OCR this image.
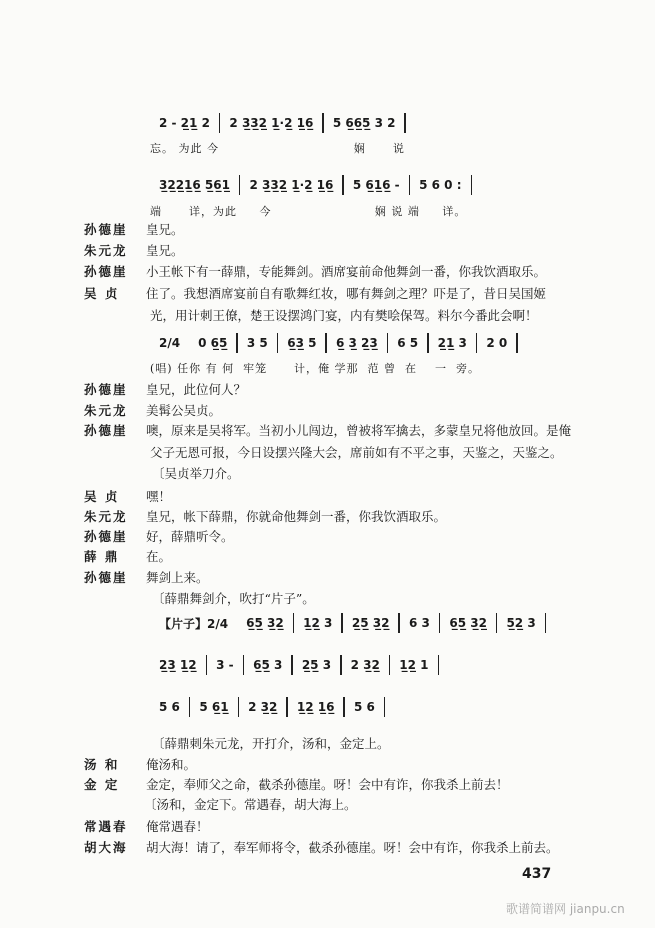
2 - 2̲1̲ 2	2 3̲3̲2̲ 1̲·2̲ 1̲6̲	5 6̲6̲5̲ 3 2
忘。 为此 今                              娴      说
3̲2̲2̲1̲6̲ 5̲6̲1̲	2 3̲3̲2̲ 1̲·2̲ 1̲6̲	5 6̲1̲6̲ -	5 6 0 :
端      详，为此     今                       娴 说 端     详。
孙德崖 皇兄。
朱元龙 皇兄。
孙德崖 小王帐下有一薛鼎，专能舞剑。酒席宴前命他舞剑一番，你我饮酒取乐。
吴 贞 住了。我想酒席宴前自有歌舞红妆，哪有舞剑之理？吓是了，昔日吴国姬
光，用计刺王僚，楚王设摆鸿门宴，内有樊哙保驾。料尔今番此会啊！
2/4	0 6̲5̲	3 5	6̲3̲ 5	6̲ 3̲ 2̲3̲	6 5	2̲1̲ 3	2 0
(唱) 任你 有 何  牢笼      计，俺 学那  范 曾  在    一  旁。
孙德崖 皇兄，此位何人？
朱元龙 美髯公吴贞。
孙德崖 噢，原来是吴将军。当初小儿闯边，曾被将军擒去，多蒙皇兄将他放回。是俺
父子无恩可报，今日设摆兴隆大会，席前如有不平之事，天鉴之，天鉴之。
〔吴贞举刀介。
吴 贞 嘿！
朱元龙 皇兄，帐下薛鼎，你就命他舞剑一番，你我饮酒取乐。
孙德崖 好，薛鼎听令。
薛 鼎 在。
孙德崖 舞剑上来。
〔薛鼎舞剑介，吹打“片子”。
【片子】2/4	6̲5̲ 3̲2̲	1̲2̲ 3	2̲5̲ 3̲2̲	6 3	6̲5̲ 3̲2̲	5̲2̲ 3
2̲3̲ 1̲2̲	3 -	6̲5̲ 3	2̲5̲ 3	2 3̲2̲	1̲2̲ 1
5 6	5 6̲1̲	2 3̲2̲	1̲2̲ 1̲6̲	5 6
〔薛鼎刺朱元龙，开打介，汤和，金定上。
汤 和 俺汤和。
金 定 金定，奉师父之命，截杀孙德崖。呀！会中有诈，你我杀上前去！
〔汤和，金定下。常遇春，胡大海上。
常遇春 俺常遇春！
胡大海 胡大海！请了，奉军师将令，截杀孙德崖。呀！会中有诈，你我杀上前去。
437
歌谱简谱网 jianpu.cn
